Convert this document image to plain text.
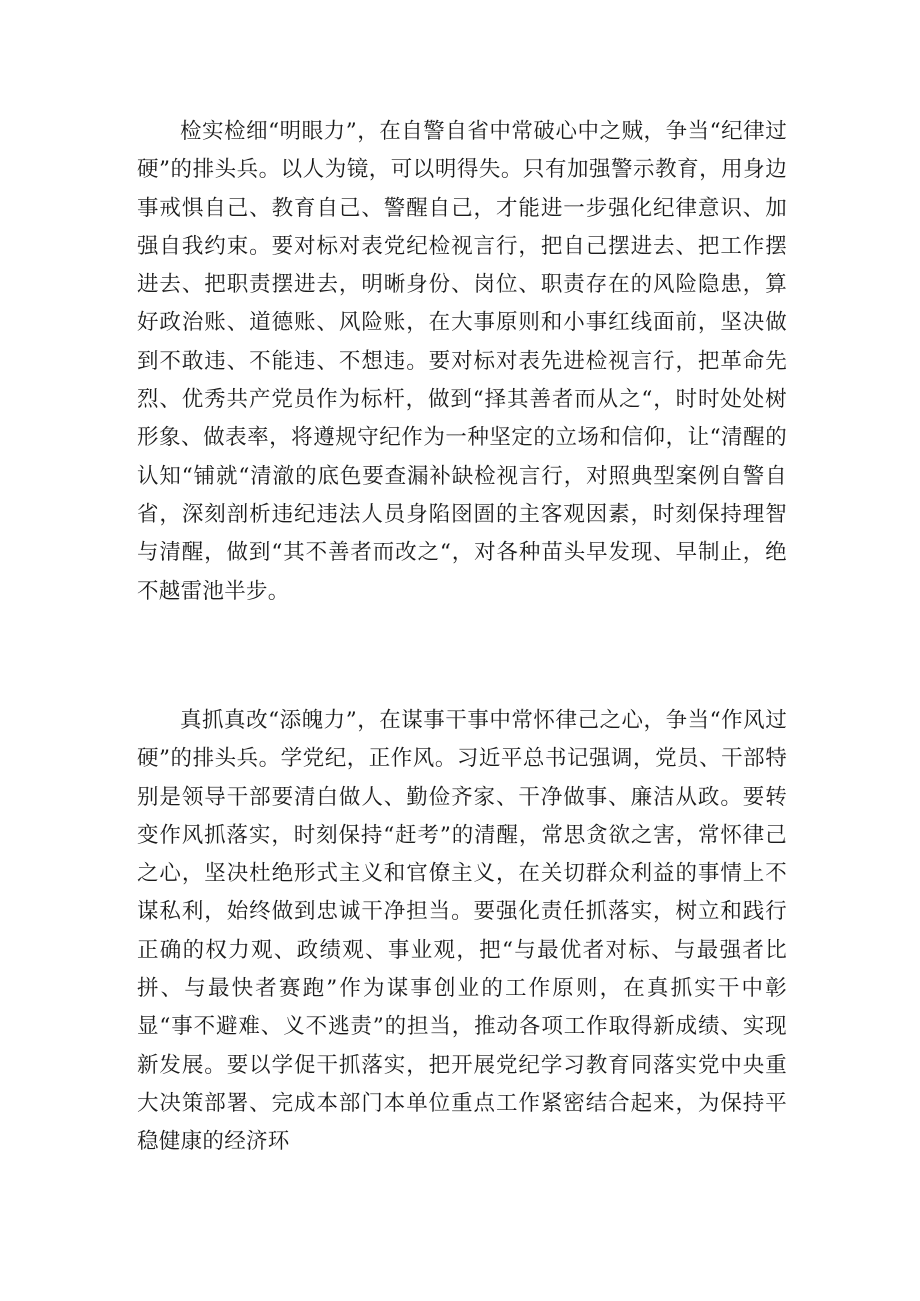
检实检细“明眼力”，在自警自省中常破心中之贼，争当“纪律过硬”的排头兵。以人为镜，可以明得失。只有加强警示教育，用身边事戒惧自己、教育自己、警醒自己，才能进一步强化纪律意识、加强自我约束。要对标对表党纪检视言行，把自己摆进去、把工作摆进去、把职责摆进去，明晰身份、岗位、职责存在的风险隐患，算好政治账、道德账、风险账，在大事原则和小事红线面前，坚决做到不敢违、不能违、不想违。要对标对表先进检视言行，把革命先烈、优秀共产党员作为标杆，做到“择其善者而从之“，时时处处树形象、做表率，将遵规守纪作为一种坚定的立场和信仰，让“清醒的认知“铺就“清澈的底色要查漏补缺检视言行，对照典型案例自警自省，深刻剖析违纪违法人员身陷囹圄的主客观因素，时刻保持理智与清醒，做到“其不善者而改之“，对各种苗头早发现、早制止，绝不越雷池半步。

真抓真改“添魄力”，在谋事干事中常怀律己之心，争当“作风过硬”的排头兵。学党纪，正作风。习近平总书记强调，党员、干部特别是领导干部要清白做人、勤俭齐家、干净做事、廉洁从政。要转变作风抓落实，时刻保持“赶考”的清醒，常思贪欲之害，常怀律己之心，坚决杜绝形式主义和官僚主义，在关切群众利益的事情上不谋私利，始终做到忠诚干净担当。要强化责任抓落实，树立和践行正确的权力观、政绩观、事业观，把“与最优者对标、与最强者比拼、与最快者赛跑”作为谋事创业的工作原则，在真抓实干中彰显“事不避难、义不逃责”的担当，推动各项工作取得新成绩、实现新发展。要以学促干抓落实，把开展党纪学习教育同落实党中央重大决策部署、完成本部门本单位重点工作紧密结合起来，为保持平稳健康的经济环
